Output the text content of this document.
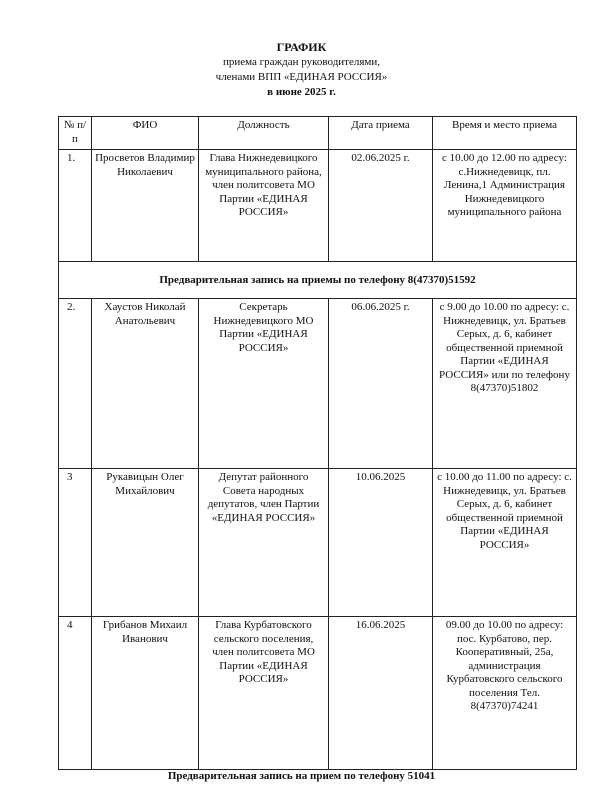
ГРАФИК
приема граждан руководителями,
членами ВПП «ЕДИНАЯ РОССИЯ»
в июне 2025 г.
№ п/п	ФИО	Должность	Дата приема	Время и место приема
1.	Просветов Владимир Николаевич	Глава Нижнедевицкого муниципального района, член политсовета МО Партии «ЕДИНАЯ РОССИЯ»	02.06.2025 г.	с 10.00 до 12.00 по адресу: с.Нижнедевицк, пл. Ленина,1 Администрация Нижнедевицкого муниципального района
Предварительная запись на приемы по телефону 8(47370)51592				
2.	Хаустов Николай Анатольевич	Секретарь Нижнедевицкого МО Партии «ЕДИНАЯ РОССИЯ»	06.06.2025 г.	с 9.00 до 10.00 по адресу: с. Нижнедевицк, ул. Братьев Серых, д. 6, кабинет общественной приемной Партии «ЕДИНАЯ РОССИЯ» или по телефону 8(47370)51802
3	Рукавицын Олег Михайлович	Депутат районного Совета народных депутатов, член Партии «ЕДИНАЯ РОССИЯ»	10.06.2025	с 10.00 до 11.00 по адресу: с. Нижнедевицк, ул. Братьев Серых, д. 6, кабинет общественной приемной Партии «ЕДИНАЯ РОССИЯ»
4	Грибанов Михаил Иванович	Глава Курбатовского сельского поселения, член политсовета МО Партии «ЕДИНАЯ РОССИЯ»	16.06.2025	09.00 до 10.00 по адресу: пос. Курбатово, пер. Кооперативный, 25а, администрация Курбатовского сельского поселения Тел. 8(47370)74241
Предварительная запись на прием по телефону 51041
